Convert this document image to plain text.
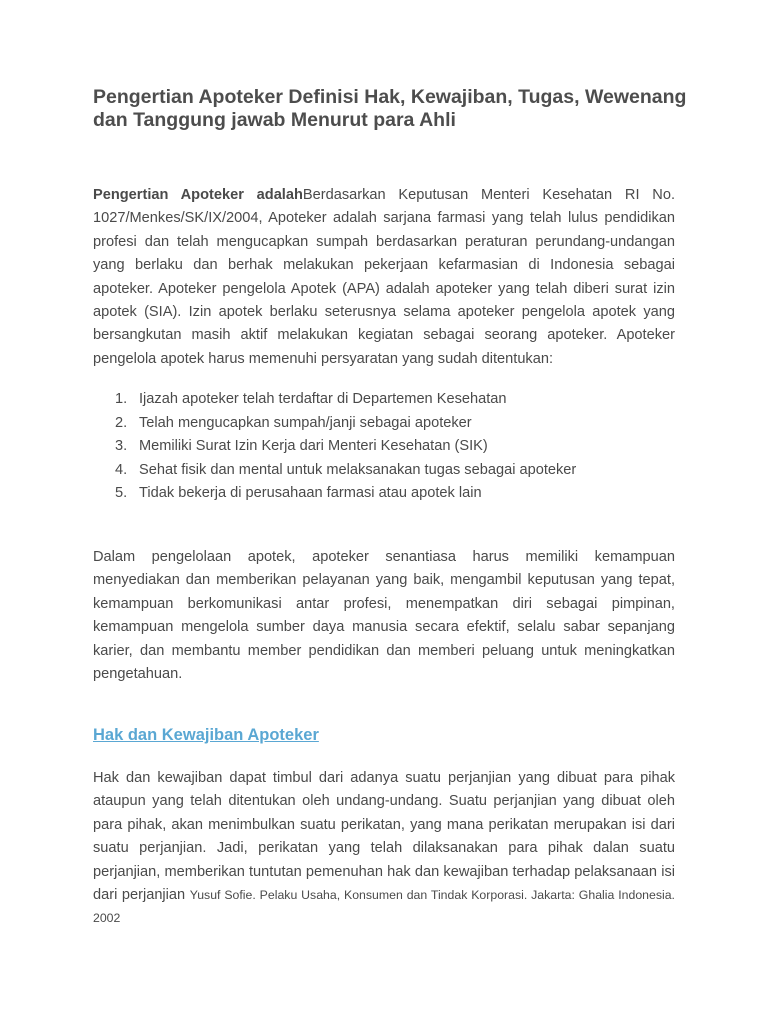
Pengertian Apoteker Definisi Hak, Kewajiban, Tugas, Wewenang dan Tanggung jawab Menurut para Ahli

Pengertian Apoteker adalahBerdasarkan Keputusan Menteri Kesehatan RI No. 1027/Menkes/SK/IX/2004, Apoteker adalah sarjana farmasi yang telah lulus pendidikan profesi dan telah mengucapkan sumpah berdasarkan peraturan perundang-undangan yang berlaku dan berhak melakukan pekerjaan kefarmasian di Indonesia sebagai apoteker. Apoteker pengelola Apotek (APA) adalah apoteker yang telah diberi surat izin apotek (SIA). Izin apotek berlaku seterusnya selama apoteker pengelola apotek yang bersangkutan masih aktif melakukan kegiatan sebagai seorang apoteker. Apoteker pengelola apotek harus memenuhi persyaratan yang sudah ditentukan:

1. Ijazah apoteker telah terdaftar di Departemen Kesehatan
2. Telah mengucapkan sumpah/janji sebagai apoteker
3. Memiliki Surat Izin Kerja dari Menteri Kesehatan (SIK)
4. Sehat fisik dan mental untuk melaksanakan tugas sebagai apoteker
5. Tidak bekerja di perusahaan farmasi atau apotek lain

Dalam pengelolaan apotek, apoteker senantiasa harus memiliki kemampuan menyediakan dan memberikan pelayanan yang baik, mengambil keputusan yang tepat, kemampuan berkomunikasi antar profesi, menempatkan diri sebagai pimpinan, kemampuan mengelola sumber daya manusia secara efektif, selalu sabar sepanjang karier, dan membantu member pendidikan dan memberi peluang untuk meningkatkan pengetahuan.

Hak dan Kewajiban Apoteker

Hak dan kewajiban dapat timbul dari adanya suatu perjanjian yang dibuat para pihak ataupun yang telah ditentukan oleh undang-undang. Suatu perjanjian yang dibuat oleh para pihak, akan menimbulkan suatu perikatan, yang mana perikatan merupakan isi dari suatu perjanjian. Jadi, perikatan yang telah dilaksanakan para pihak dalan suatu perjanjian, memberikan tuntutan pemenuhan hak dan kewajiban terhadap pelaksanaan isi dari perjanjian Yusuf Sofie. Pelaku Usaha, Konsumen dan Tindak Korporasi. Jakarta: Ghalia Indonesia. 2002
